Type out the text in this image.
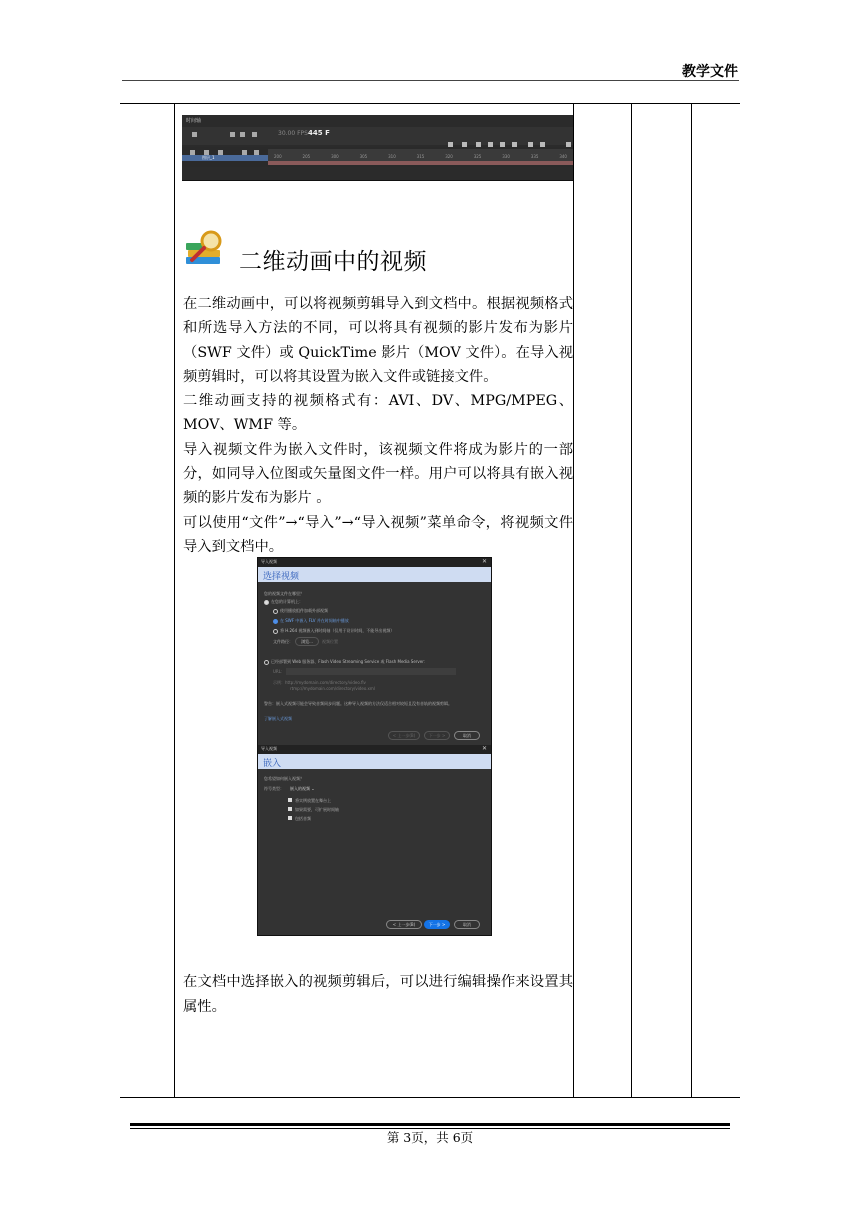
教学文件
时间轴
30.00 FPS 445 F
200	205	300	305	310	315	320	325	330	335	340
图层_1
二维动画中的视频

在二维动画中，可以将视频剪辑导入到文档中。根据视频格式和所选导入方法的不同，可以将具有视频的影片发布为影片（SWF 文件）或 QuickTime 影片（MOV 文件）。在导入视频剪辑时，可以将其设置为嵌入文件或链接文件。

二维动画支持的视频格式有：AVI、DV、MPG/MPEG、MOV、WMF 等。

导入视频文件为嵌入文件时，该视频文件将成为影片的一部分，如同导入位图或矢量图文件一样。用户可以将具有嵌入视频的影片发布为影片 。

可以使用“文件”→“导入”→“导入视频”菜单命令，将视频文件导入到文档中。

导入视频	✕
选择视频
您的视频文件在哪里？
在您的计算机上：
使用播放组件加载外部视频
在 SWF 中嵌入 FLV 并在时间轴中播放
将 H.264 视频嵌入到时间轴（仅用于设计时间，不能导出视频）
文件路径：	浏览...	视频位置
已经部署到 Web 服务器、Flash Video Streaming Service 或 Flash Media Server：
URL：
示例：http://mydomain.com/directory/video.flv
rtmp://mydomain.com/directory/video.xml
警告：嵌入式视频可能会导致音频同步问题。这种导入视频的方法仅适合相对较短且没有音轨的视频剪辑。
了解嵌入式视频
< 上一步(B)	下一步 >	取消
导入视频	✕
嵌入
您希望如何嵌入视频？
符号类型： 嵌入的视频 ⌄
将实例放置在舞台上
如果需要，可扩展时间轴
包括音频
< 上一步(B)	下一步 >	取消

在文档中选择嵌入的视频剪辑后，可以进行编辑操作来设置其属性。

第 3页，共 6页
